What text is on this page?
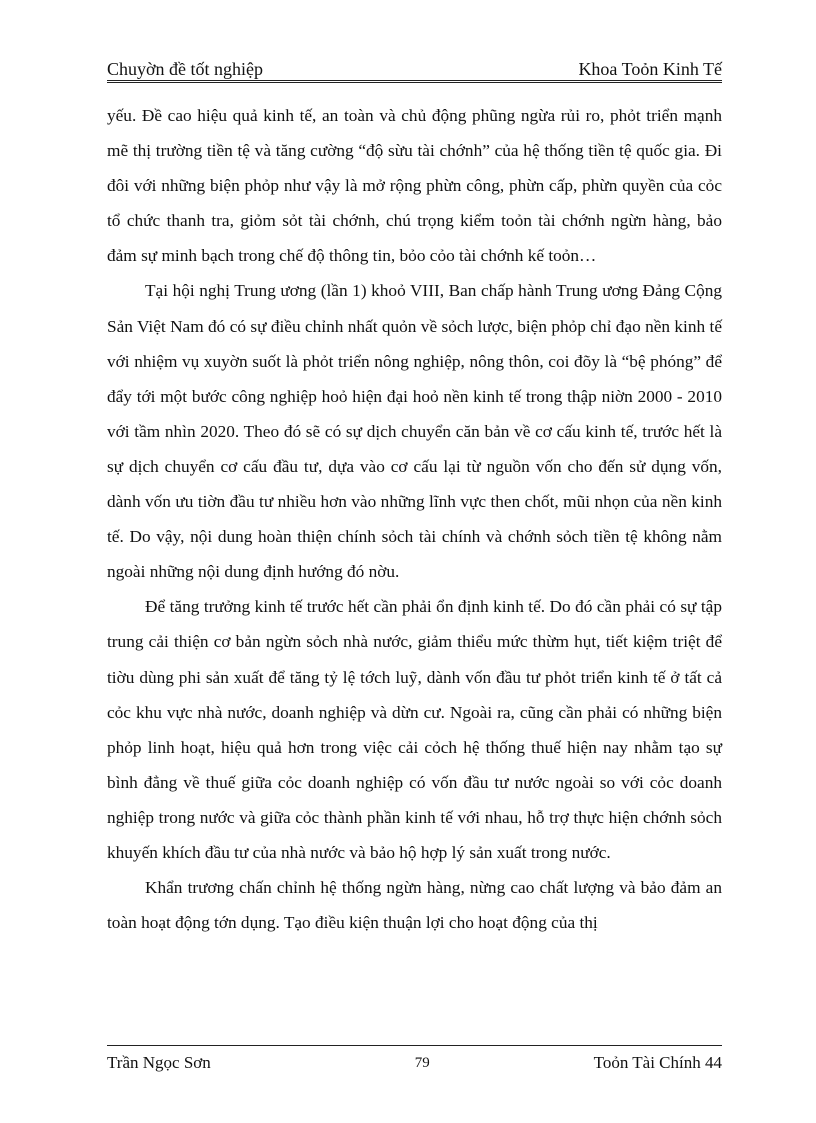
Chuyờn đề tốt nghiệp	Khoa Toỏn Kinh Tế

yếu. Đề cao hiệu quả kinh tế, an toàn và chủ động phũng ngừa rủi ro, phỏt triển mạnh mẽ thị trường tiền tệ và tăng cường “độ sừu tài chớnh” của hệ thống tiền tệ quốc gia. Đi đôi với những biện phỏp như vậy là mở rộng phừn công, phừn cấp, phừn quyền của cỏc tổ chức thanh tra, giỏm sỏt tài chớnh, chú trọng kiểm toỏn tài chớnh ngừn hàng, bảo đảm sự minh bạch trong chế độ thông tin, bỏo cỏo tài chớnh kế toỏn…

Tại hội nghị Trung ương (lần 1) khoỏ VIII, Ban chấp hành Trung ương Đảng Cộng Sản Việt Nam đó có sự điều chỉnh nhất quỏn về sỏch lược, biện phỏp chỉ đạo nền kinh tế với nhiệm vụ xuyờn suốt là phỏt triển nông nghiệp, nông thôn, coi đõy là “bệ phóng” để đẩy tới một bước công nghiệp hoỏ hiện đại hoỏ nền kinh tế trong thập niờn 2000 - 2010 với tầm nhìn 2020. Theo đó sẽ có sự dịch chuyển căn bản về cơ cấu kinh tế, trước hết là sự dịch chuyển cơ cấu đầu tư, dựa vào cơ cấu lại từ nguồn vốn cho đến sử dụng vốn, dành vốn ưu tiờn đầu tư nhiều hơn vào những lĩnh vực then chốt, mũi nhọn của nền kinh tế. Do vậy, nội dung hoàn thiện chính sỏch tài chính và chớnh sỏch tiền tệ không nằm ngoài những nội dung định hướng đó nờu.

Để tăng trưởng kinh tế trước hết cần phải ổn định kinh tế. Do đó cần phải có sự tập trung cải thiện cơ bản ngừn sỏch nhà nước, giảm thiểu mức thừm hụt, tiết kiệm triệt để tiờu dùng phi sản xuất để tăng tỷ lệ tớch luỹ, dành vốn đầu tư phỏt triển kinh tế ở tất cả cỏc khu vực nhà nước, doanh nghiệp và dừn cư. Ngoài ra, cũng cần phải có những biện phỏp linh hoạt, hiệu quả hơn trong việc cải cỏch hệ thống thuế hiện nay nhằm tạo sự bình đẳng về thuế giữa cỏc doanh nghiệp có vốn đầu tư nước ngoài so với cỏc doanh nghiệp trong nước và giữa cỏc thành phần kinh tế với nhau, hỗ trợ thực hiện chớnh sỏch khuyến khích đầu tư của nhà nước và bảo hộ hợp lý sản xuất trong nước.

Khẩn trương chấn chỉnh hệ thống ngừn hàng, nừng cao chất lượng và bảo đảm an toàn hoạt động tớn dụng. Tạo điều kiện thuận lợi cho hoạt động của thị

Trần Ngọc Sơn	79	Toỏn Tài Chính 44
